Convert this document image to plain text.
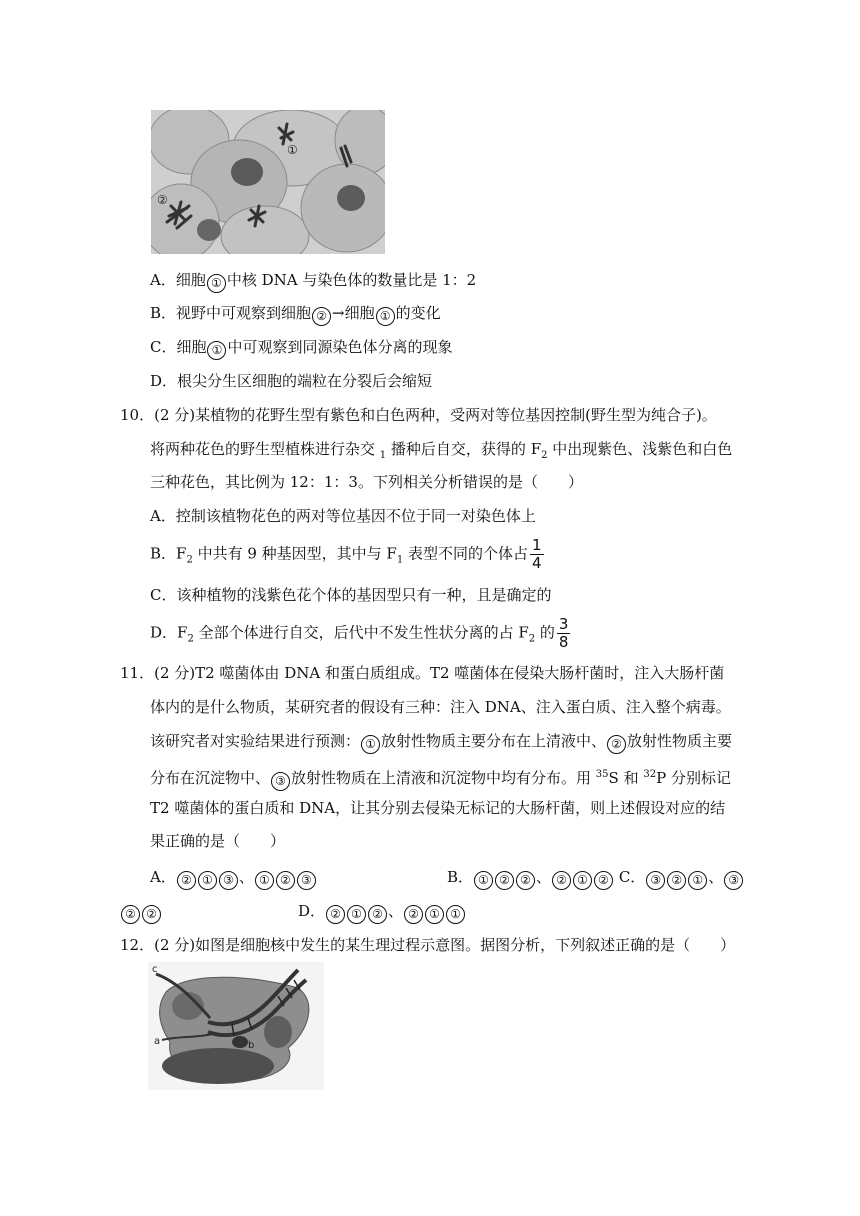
①
②
A．细胞 ① 中核 DNA 与染色体的数量比是 1：2
B．视野中可观察到细胞 ② →细胞 ① 的变化
C．细胞 ① 中可观察到同源染色体分离的现象
D．根尖分生区细胞的端粒在分裂后会缩短
10．(2 分)某植物的花野生型有紫色和白色两种，受两对等位基因控制(野生型为纯合子)。
将两种花色的野生型植株进行杂交 $_1$ 播种后自交，获得的 $F_2$ 中出现紫色、浅紫色和白色
三种花色，其比例为 12：1：3。下列相关分析错误的是（　　）
A．控制该植物花色的两对等位基因不位于同一对染色体上
B．$F_2$ 中共有 9 种基因型，其中与 $F_1$ 表型不同的个体占 $\frac{1}{4}$
C．该种植物的浅紫色花个体的基因型只有一种，且是确定的
D．$F_2$ 全部个体进行自交，后代中不发生性状分离的占 $F_2$ 的 $\frac{3}{8}$
11．(2 分)T2 噬菌体由 DNA 和蛋白质组成。T2 噬菌体在侵染大肠杆菌时，注入大肠杆菌
体内的是什么物质，某研究者的假设有三种：注入 DNA、注入蛋白质、注入整个病毒。
该研究者对实验结果进行预测： ① 放射性物质主要分布在上清液中、 ② 放射性物质主要
分布在沉淀物中、 ③ 放射性物质在上清液和沉淀物中均有分布。用 $^{35}$S 和 $^{32}$P 分别标记
T2 噬菌体的蛋白质和 DNA，让其分别去侵染无标记的大肠杆菌，则上述假设对应的结
果正确的是（　　）
A． ② ① ③ 、 ① ② ③	B． ① ② ② 、 ② ① ② C． ③ ② ① 、 ③
② ②	D． ② ① ② 、 ② ① ①
12．(2 分)如图是细胞核中发生的某生理过程示意图。据图分析，下列叙述正确的是（　　）
c
a	b
